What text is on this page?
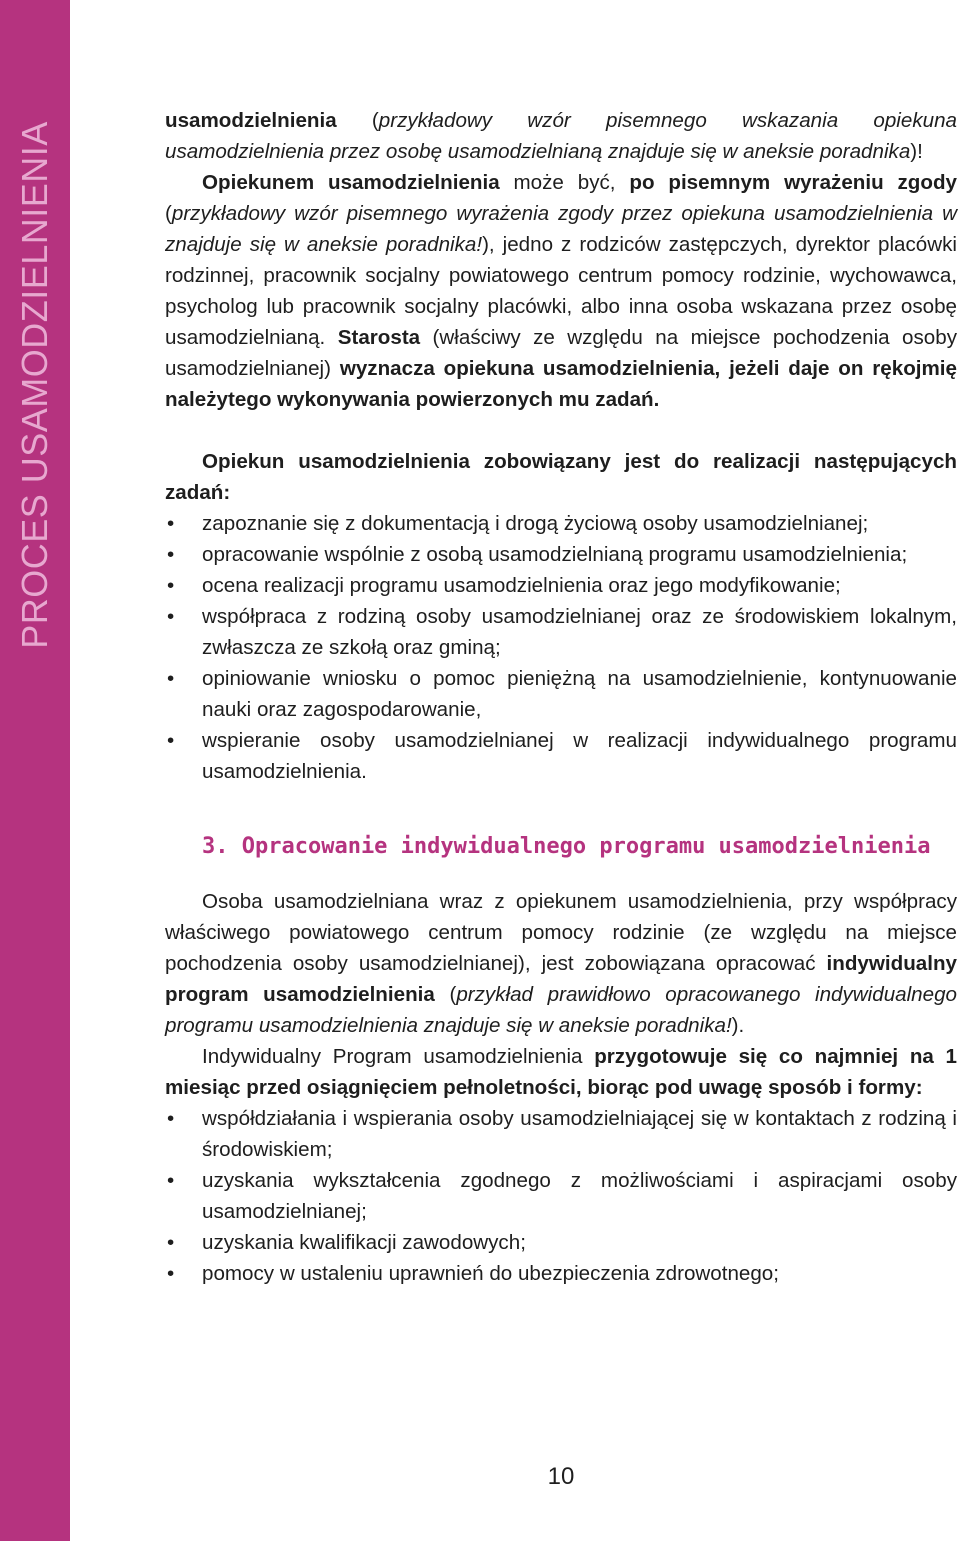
PROCES USAMODZIELNIENIA

usamodzielnienia (przykładowy wzór pisemnego wskazania opiekuna usamodzielnienia przez osobę usamodzielnianą znajduje się w aneksie poradnika)!

Opiekunem usamodzielnienia może być, po pisemnym wyrażeniu zgody (przykładowy wzór pisemnego wyrażenia zgody przez opiekuna usamodzielnienia w znajduje się w aneksie poradnika!), jedno z rodziców zastępczych, dyrektor placówki rodzinnej, pracownik socjalny powiatowego centrum pomocy rodzinie, wychowawca, psycholog lub pracownik socjalny placówki, albo inna osoba wskazana przez osobę usamodzielnianą. Starosta (właściwy ze względu na miejsce pochodzenia osoby usamodzielnianej) wyznacza opiekuna usamodzielnienia, jeżeli daje on rękojmię należytego wykonywania powierzonych mu zadań.

Opiekun usamodzielnienia zobowiązany jest do realizacji następujących zadań:

• zapoznanie się z dokumentacją i drogą życiową osoby usamodzielnianej;
• opracowanie wspólnie z osobą usamodzielnianą programu usamodzielnienia;
• ocena realizacji programu usamodzielnienia oraz jego modyfikowanie;
• współpraca z rodziną osoby usamodzielnianej oraz ze środowiskiem lokalnym, zwłaszcza ze szkołą oraz gminą;
• opiniowanie wniosku o pomoc pieniężną na usamodzielnienie, kontynuowanie nauki oraz zagospodarowanie,
• wspieranie osoby usamodzielnianej w realizacji indywidualnego programu usamodzielnienia.
3. Opracowanie indywidualnego programu usamodzielnienia

Osoba usamodzielniana wraz z opiekunem usamodzielnienia, przy współpracy właściwego powiatowego centrum pomocy rodzinie (ze względu na miejsce pochodzenia osoby usamodzielnianej), jest zobowiązana opracować indywidualny program usamodzielnienia (przykład prawidłowo opracowanego indywidualnego programu usamodzielnienia znajduje się w aneksie poradnika!).

Indywidualny Program usamodzielnienia przygotowuje się co najmniej na 1 miesiąc przed osiągnięciem pełnoletności, biorąc pod uwagę sposób i formy:

• współdziałania i wspierania osoby usamodzielniającej się w kontaktach z rodziną i środowiskiem;
• uzyskania wykształcenia zgodnego z możliwościami i aspiracjami osoby usamodzielnianej;
• uzyskania kwalifikacji zawodowych;
• pomocy w ustaleniu uprawnień do ubezpieczenia zdrowotnego;
10
